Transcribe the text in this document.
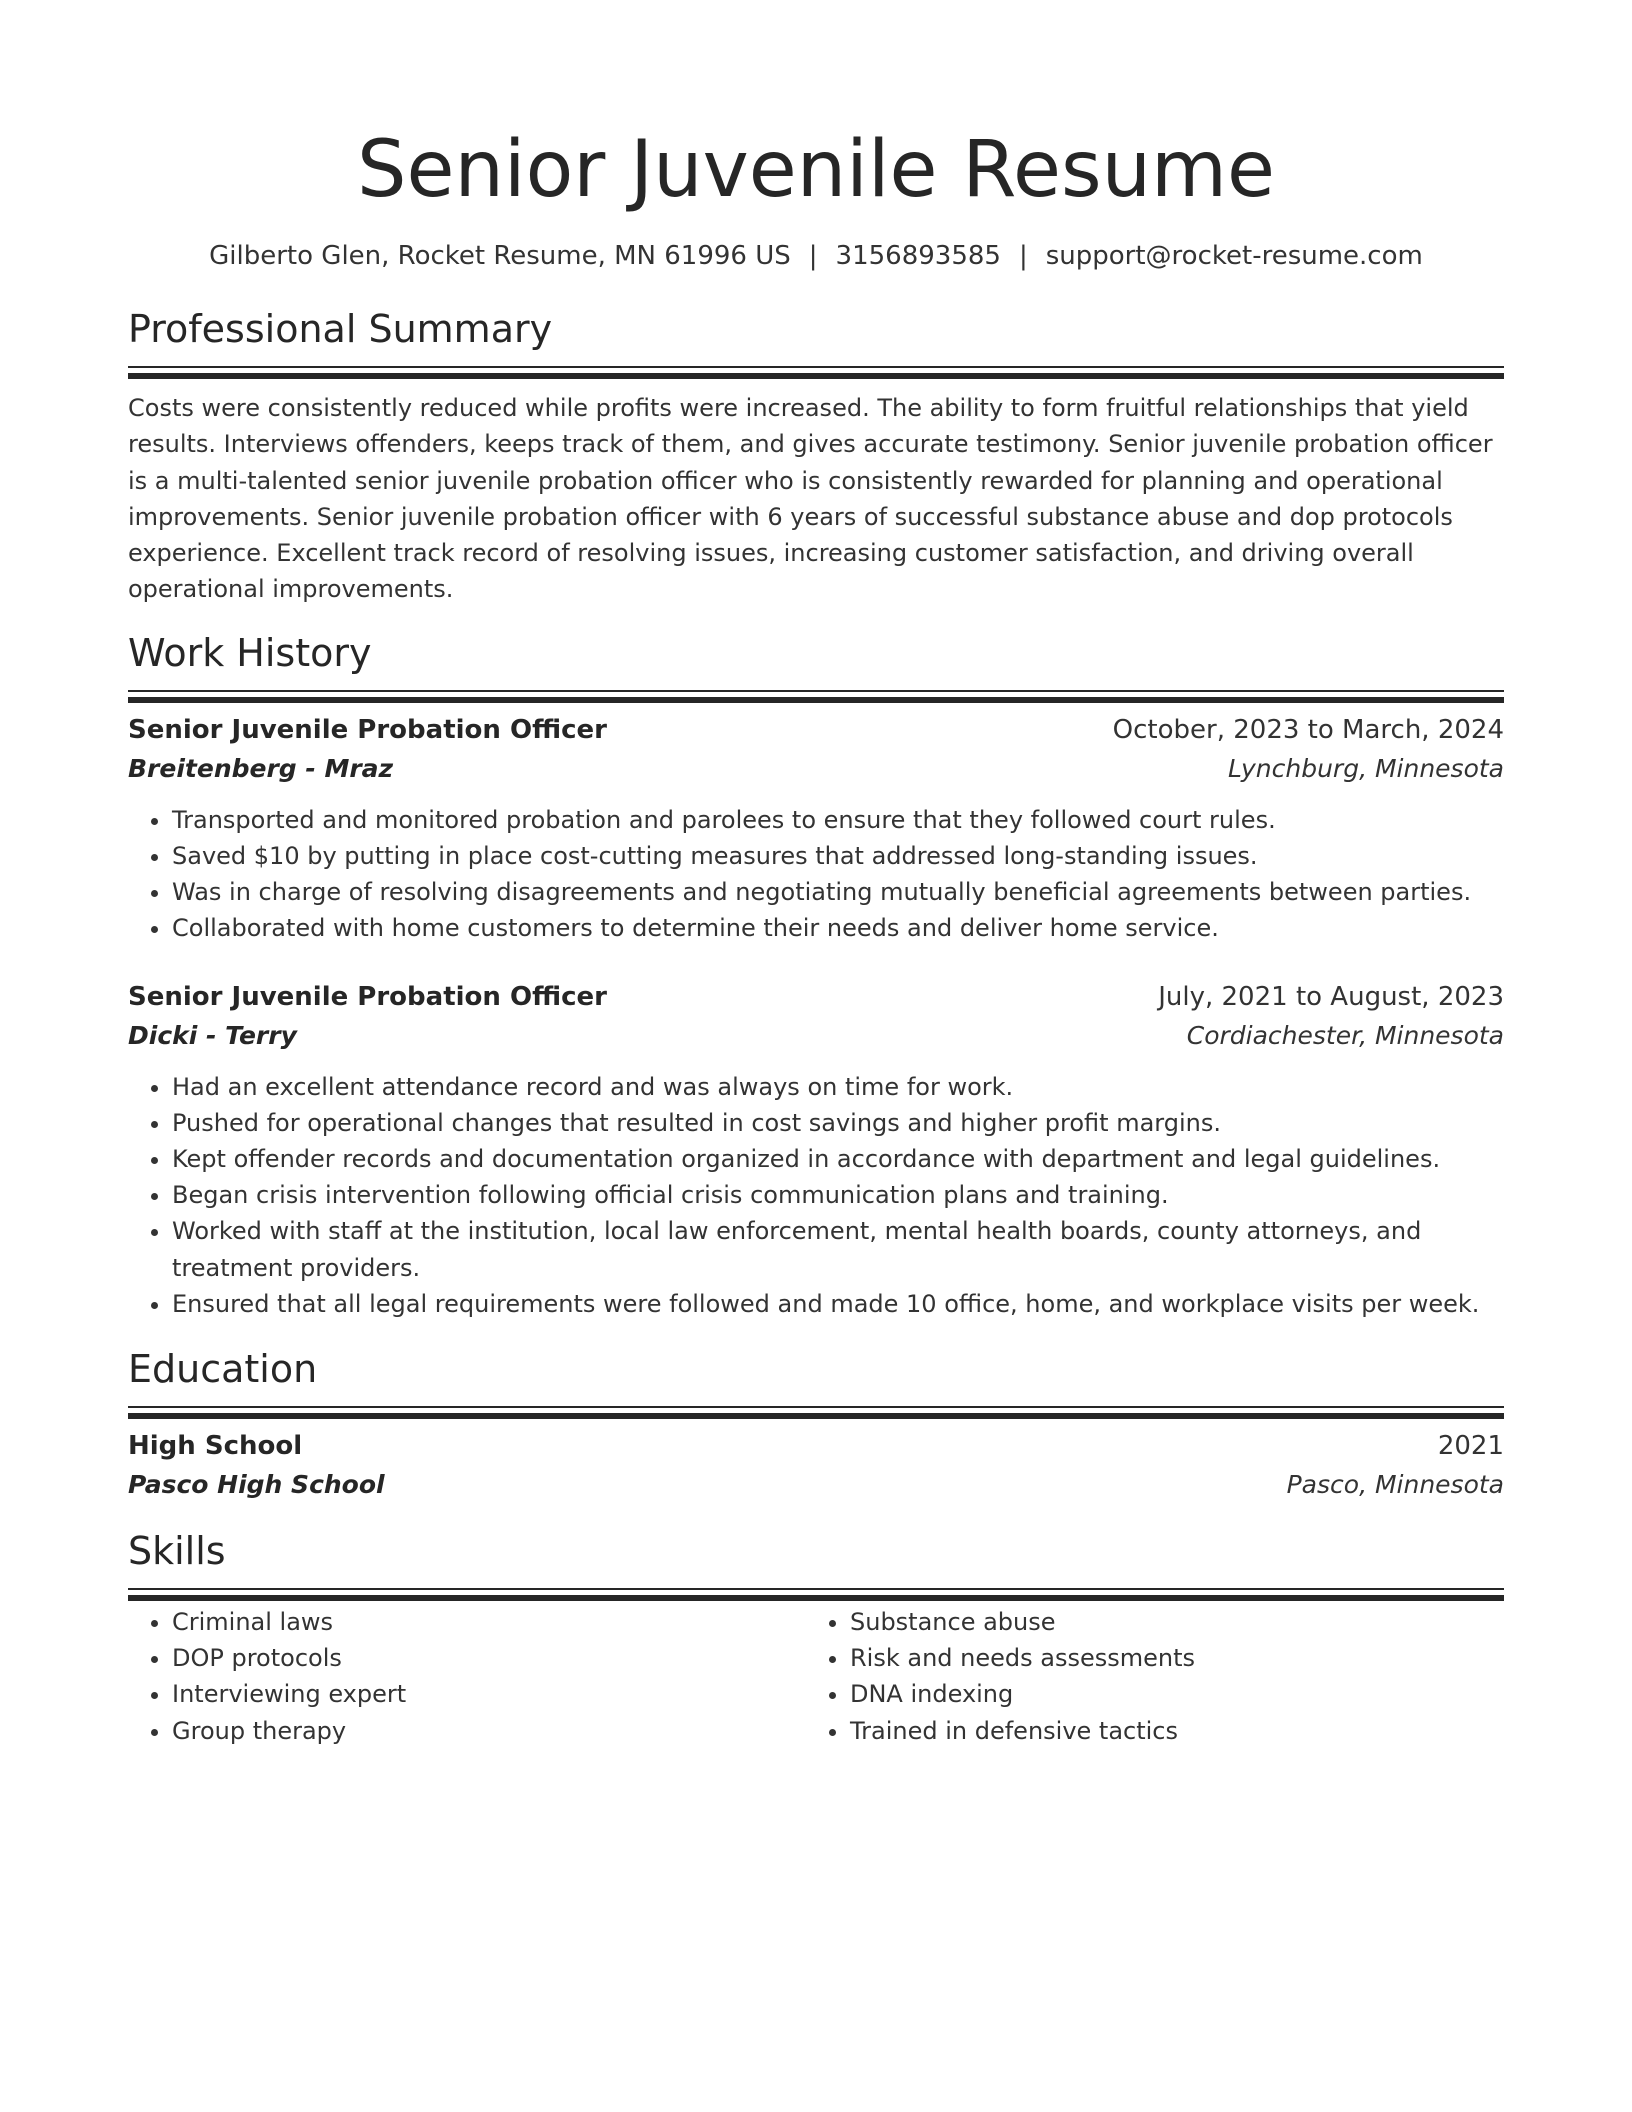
Senior Juvenile Resume
Gilberto Glen, Rocket Resume, MN 61996 US | 3156893585 | support@rocket-resume.com
Professional Summary

Costs were consistently reduced while profits were increased. The ability to form fruitful relationships that yield results. Interviews offenders, keeps track of them, and gives accurate testimony. Senior juvenile probation officer is a multi-talented senior juvenile probation officer who is consistently rewarded for planning and operational improvements. Senior juvenile probation officer with 6 years of successful substance abuse and dop protocols experience. Excellent track record of resolving issues, increasing customer satisfaction, and driving overall operational improvements.

Work History
Senior Juvenile Probation Officer	October, 2023 to March, 2024
Breitenberg - Mraz	Lynchburg, Minnesota
• Transported and monitored probation and parolees to ensure that they followed court rules.
• Saved $10 by putting in place cost-cutting measures that addressed long-standing issues.
• Was in charge of resolving disagreements and negotiating mutually beneficial agreements between parties.
• Collaborated with home customers to determine their needs and deliver home service.
Senior Juvenile Probation Officer	July, 2021 to August, 2023
Dicki - Terry	Cordiachester, Minnesota
• Had an excellent attendance record and was always on time for work.
• Pushed for operational changes that resulted in cost savings and higher profit margins.
• Kept offender records and documentation organized in accordance with department and legal guidelines.
• Began crisis intervention following official crisis communication plans and training.
• Worked with staff at the institution, local law enforcement, mental health boards, county attorneys, and treatment providers.
• Ensured that all legal requirements were followed and made 10 office, home, and workplace visits per week.
Education
High School	2021
Pasco High School	Pasco, Minnesota
Skills
• Criminal laws
• DOP protocols
• Interviewing expert
• Group therapy
• Substance abuse
• Risk and needs assessments
• DNA indexing
• Trained in defensive tactics
